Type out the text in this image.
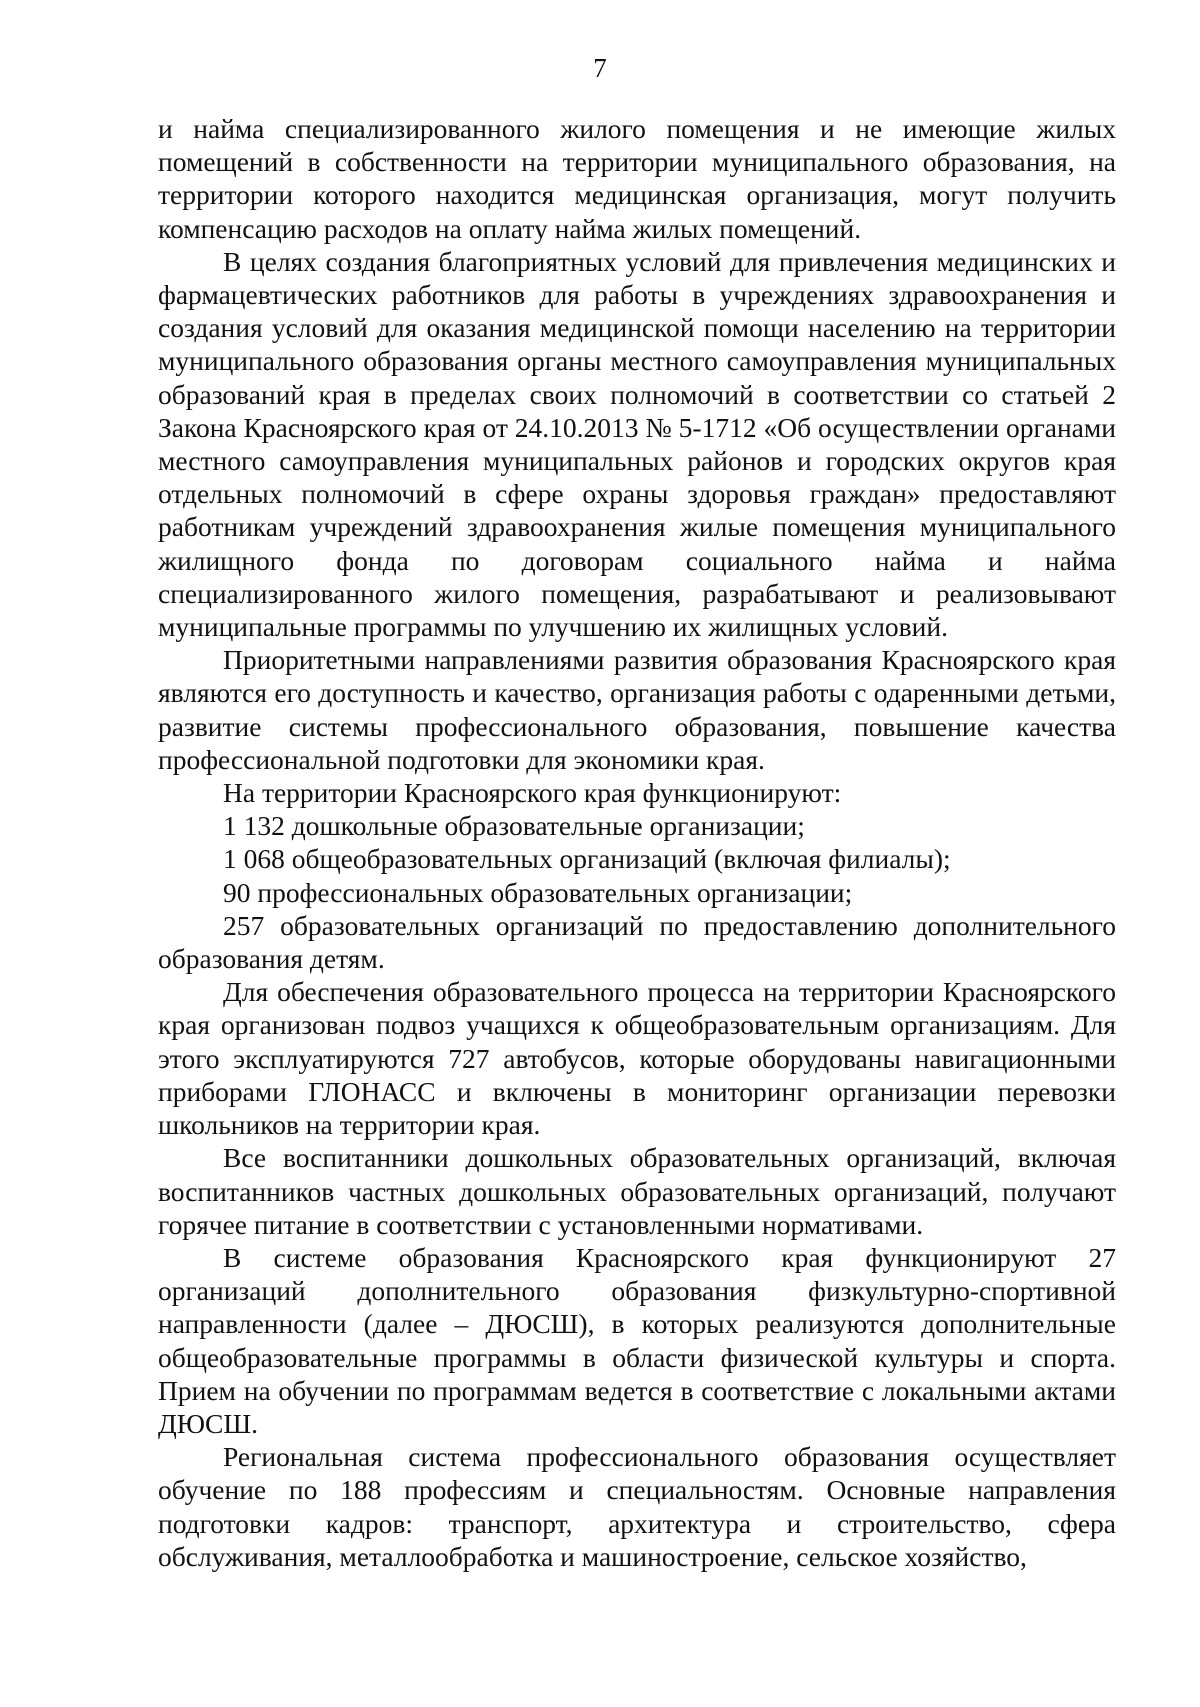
7

и найма специализированного жилого помещения и не имеющие жилых помещений в собственности на территории муниципального образования, на территории которого находится медицинская организация, могут получить компенсацию расходов на оплату найма жилых помещений.

В целях создания благоприятных условий для привлечения медицинских и фармацевтических работников для работы в учреждениях здравоохранения и создания условий для оказания медицинской помощи населению на территории муниципального образования органы местного самоуправления муниципальных образований края в пределах своих полномочий в соответствии со статьей 2 Закона Красноярского края от 24.10.2013 № 5-1712 «Об осуществлении органами местного самоуправления муниципальных районов и городских округов края отдельных полномочий в сфере охраны здоровья граждан» предоставляют работникам учреждений здравоохранения жилые помещения муниципального жилищного фонда по договорам социального найма и найма специализированного жилого помещения, разрабатывают и реализовывают муниципальные программы по улучшению их жилищных условий.

Приоритетными направлениями развития образования Красноярского края являются его доступность и качество, организация работы с одаренными детьми, развитие системы профессионального образования, повышение качества профессиональной подготовки для экономики края.

На территории Красноярского края функционируют:

1 132 дошкольные образовательные организации;

1 068 общеобразовательных организаций (включая филиалы);

90 профессиональных образовательных организации;

257 образовательных организаций по предоставлению дополнительного образования детям.

Для обеспечения образовательного процесса на территории Красноярского края организован подвоз учащихся к общеобразовательным организациям. Для этого эксплуатируются 727 автобусов, которые оборудованы навигационными приборами ГЛОНАСС и включены в мониторинг организации перевозки школьников на территории края.

Все воспитанники дошкольных образовательных организаций, включая воспитанников частных дошкольных образовательных организаций, получают горячее питание в соответствии с установленными нормативами.

В системе образования Красноярского края функционируют 27 организаций дополнительного образования физкультурно-спортивной направленности (далее – ДЮСШ), в которых реализуются дополнительные общеобразовательные программы в области физической культуры и спорта. Прием на обучении по программам ведется в соответствие с локальными актами ДЮСШ.

Региональная система профессионального образования осуществляет обучение по 188 профессиям и специальностям. Основные направления подготовки кадров: транспорт, архитектура и строительство, сфера обслуживания, металлообработка и машиностроение, сельское хозяйство,
